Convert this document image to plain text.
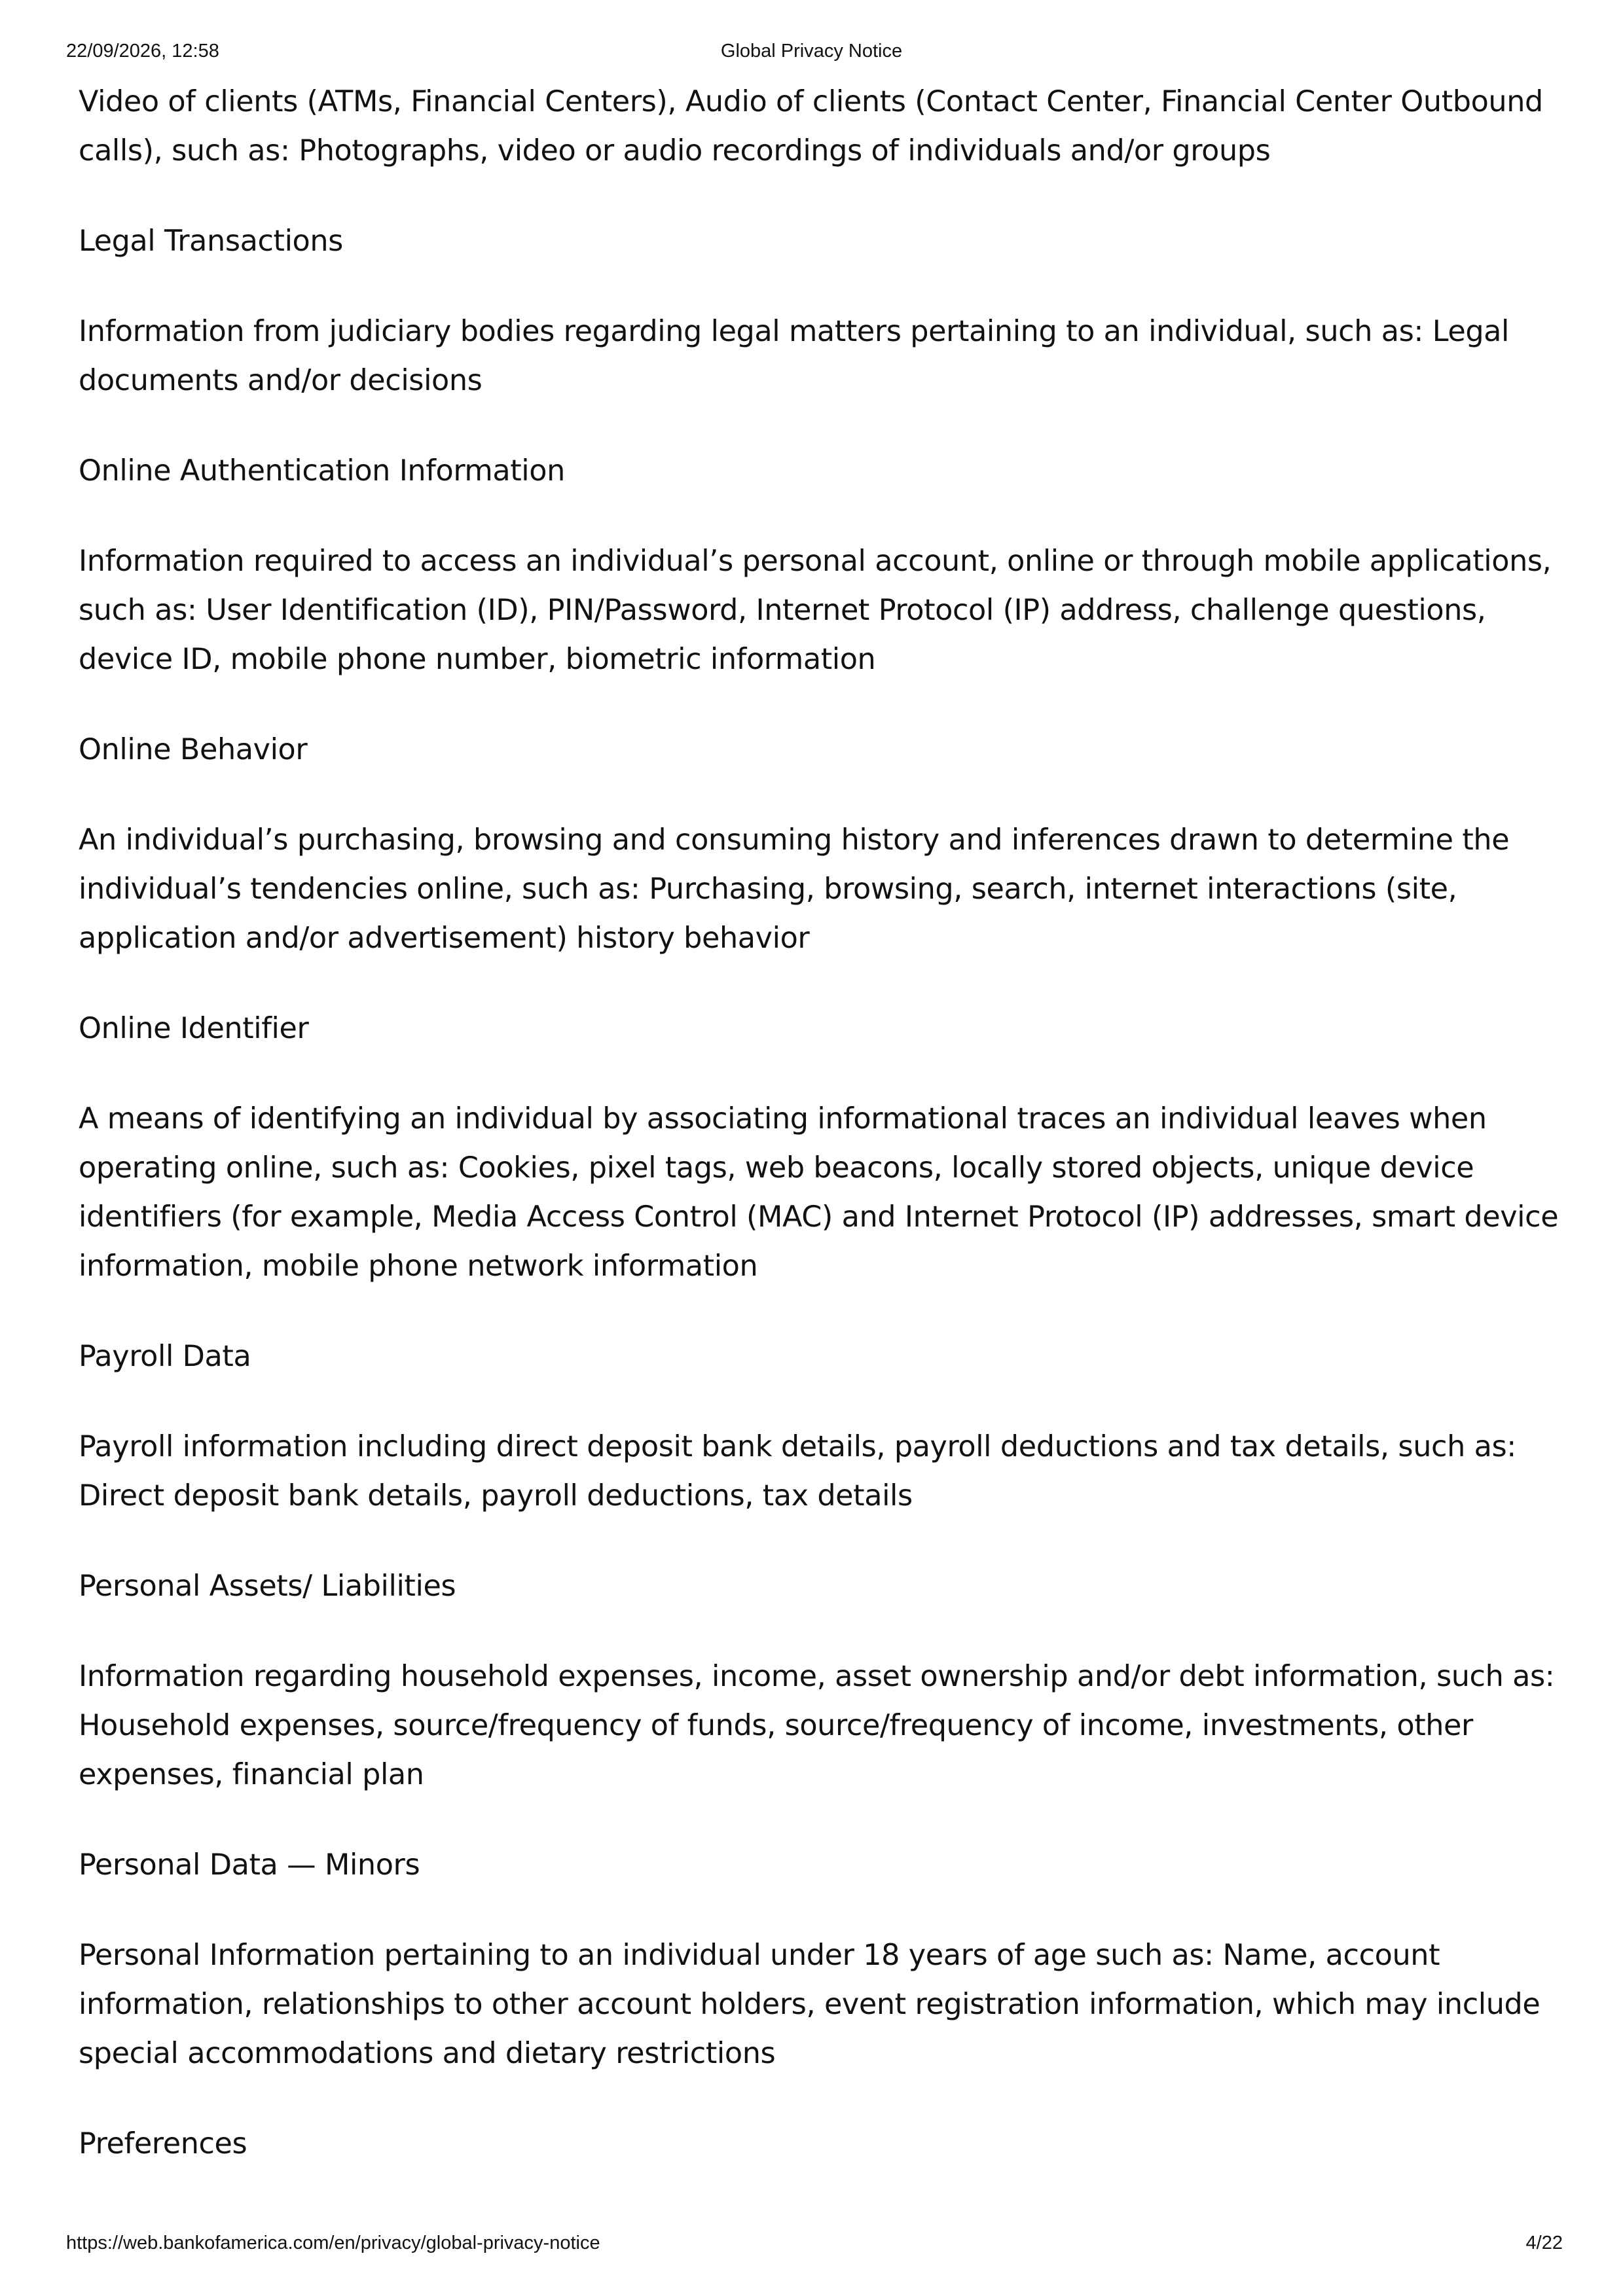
22/09/2026, 12:58	Global Privacy Notice

Video of clients (ATMs, Financial Centers), Audio of clients (Contact Center, Financial Center Outbound calls), such as: Photographs, video or audio recordings of individuals and/or groups

Legal Transactions

Information from judiciary bodies regarding legal matters pertaining to an individual, such as: Legal documents and/or decisions

Online Authentication Information

Information required to access an individual’s personal account, online or through mobile applications, such as: User Identification (ID), PIN/Password, Internet Protocol (IP) address, challenge questions, device ID, mobile phone number, biometric information

Online Behavior

An individual’s purchasing, browsing and consuming history and inferences drawn to determine the individual’s tendencies online, such as: Purchasing, browsing, search, internet interactions (site, application and/or advertisement) history behavior

Online Identifier

A means of identifying an individual by associating informational traces an individual leaves when operating online, such as: Cookies, pixel tags, web beacons, locally stored objects, unique device identifiers (for example, Media Access Control (MAC) and Internet Protocol (IP) addresses, smart device information, mobile phone network information

Payroll Data

Payroll information including direct deposit bank details, payroll deductions and tax details, such as: Direct deposit bank details, payroll deductions, tax details

Personal Assets/ Liabilities

Information regarding household expenses, income, asset ownership and/or debt information, such as: Household expenses, source/frequency of funds, source/frequency of income, investments, other expenses, financial plan

Personal Data — Minors

Personal Information pertaining to an individual under 18 years of age such as: Name, account information, relationships to other account holders, event registration information, which may include special accommodations and dietary restrictions

Preferences

https://web.bankofamerica.com/en/privacy/global-privacy-notice	4/22
